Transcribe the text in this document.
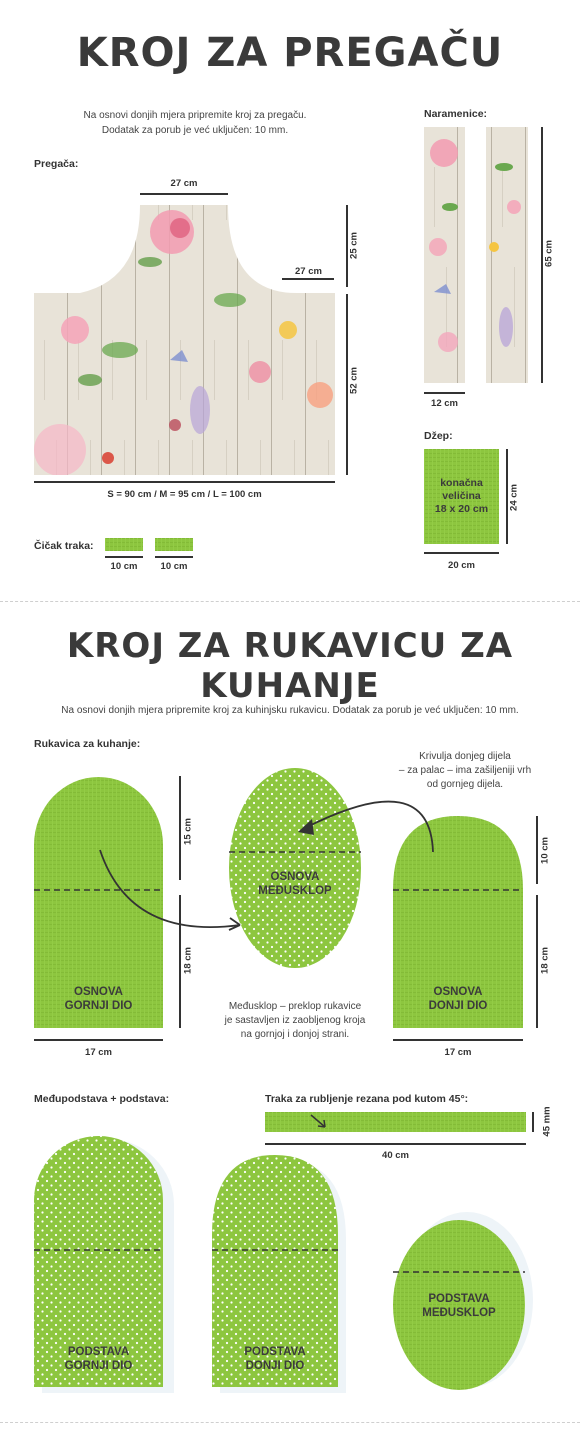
KROJ ZA PREGAČU
Na osnovi donjih mjera pripremite kroj za pregaču.
Dodatak za porub je već uključen: 10 mm.
Pregača:
27 cm
27 cm
25 cm
52 cm
S = 90 cm / M = 95 cm / L = 100 cm
Čičak traka:
10 cm	10 cm
Naramenice:
65 cm
12 cm
Džep:
konačna
veličina
18 x 20 cm	24 cm
20 cm
KROJ ZA RUKAVICU ZA KUHANJE
Na osnovi donjih mjera pripremite kroj za kuhinjsku rukavicu. Dodatak za porub je već uključen: 10 mm.
Rukavica za kuhanje:
OSNOVA
GORNJI DIO
15 cm
18 cm
17 cm
OSNOVA
MEĐUSKLOP
OSNOVA
DONJI DIO
10 cm
18 cm
17 cm
Krivulja donjeg dijela
– za palac – ima zašiljeniji vrh
od gornjeg dijela.
Međusklop – preklop rukavice
je sastavljen iz zaobljenog kroja
na gornjoj i donjoj strani.
Međupodstava + podstava:	Traka za rubljenje rezana pod kutom 45°:
40 cm
45 mm
PODSTAVA
GORNJI DIO
PODSTAVA
DONJI DIO
PODSTAVA
MEĐUSKLOP
